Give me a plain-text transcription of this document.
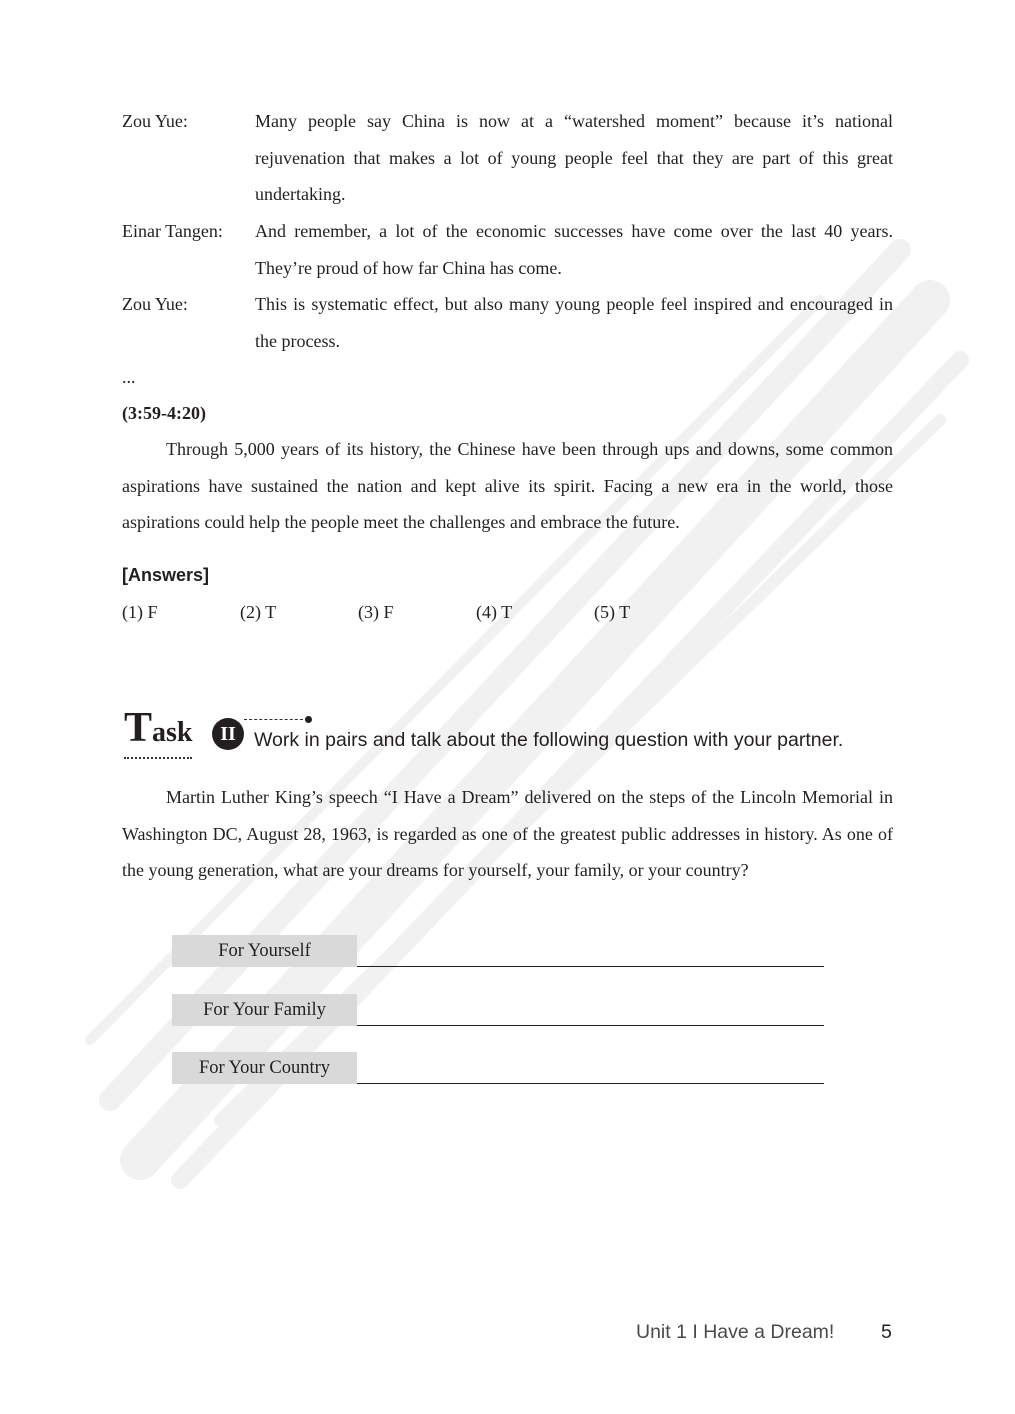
Zou Yue:	Many people say China is now at a “watershed moment” because it’s national rejuvenation that makes a lot of young people feel that they are part of this great undertaking.
Einar Tangen:	And remember, a lot of the economic successes have come over the last 40 years. They’re proud of how far China has come.
Zou Yue:	This is systematic effect, but also many young people feel inspired and encouraged in the process.
...
(3:59-4:20)

Through 5,000 years of its history, the Chinese have been through ups and downs, some common aspirations have sustained the nation and kept alive its spirit. Facing a new era in the world, those aspirations could help the people meet the challenges and embrace the future.

[Answers]
(1) F	(2) T	(3) F	(4) T	(5) T
Task	II Work in pairs and talk about the following question with your partner.

Martin Luther King’s speech “I Have a Dream” delivered on the steps of the Lincoln Memorial in Washington DC, August 28, 1963, is regarded as one of the greatest public addresses in history. As one of the young generation, what are your dreams for yourself, your family, or your country?

For Yourself
For Your Family
For Your Country
Unit 1 I Have a Dream! 5
